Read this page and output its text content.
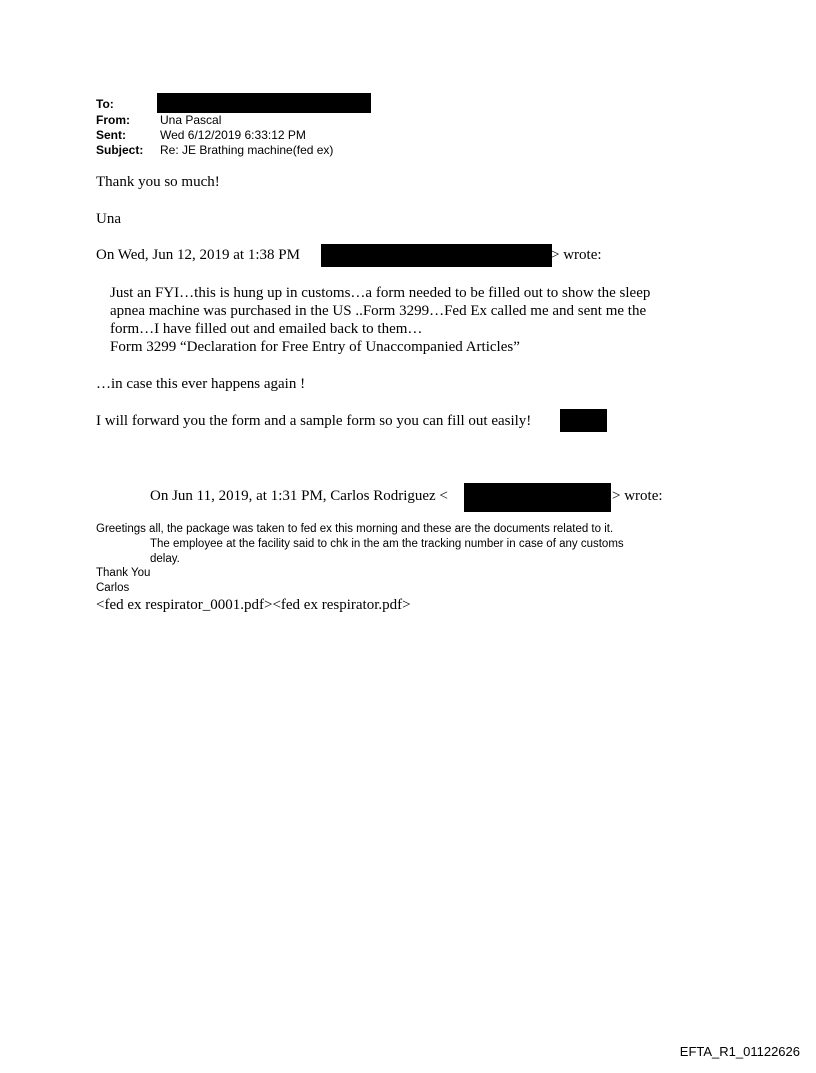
To:
From:	Una Pascal
Sent:	Wed 6/12/2019 6:33:12 PM
Subject: Re: JE Brathing machine(fed ex)
Thank you so much!
Una
On Wed, Jun 12, 2019 at 1:38 PM	> wrote:
Just an FYI…this is hung up in customs…a form needed to be filled out to show the sleep
apnea machine was purchased in the US ..Form 3299…Fed Ex called me and sent me the
form…I have filled out and emailed back to them…
Form 3299 “Declaration for Free Entry of Unaccompanied Articles”
…in case this ever happens again !
I will forward you the form and a sample form so you can fill out easily!
On Jun 11, 2019, at 1:31 PM, Carlos Rodriguez <	> wrote:
Greetings all, the package was taken to fed ex this morning and these are the documents related to it.
The employee at the facility said to chk in the am the tracking number in case of any customs
delay.
Thank You
Carlos
<fed ex respirator_0001.pdf><fed ex respirator.pdf>
EFTA_R1_01122626
